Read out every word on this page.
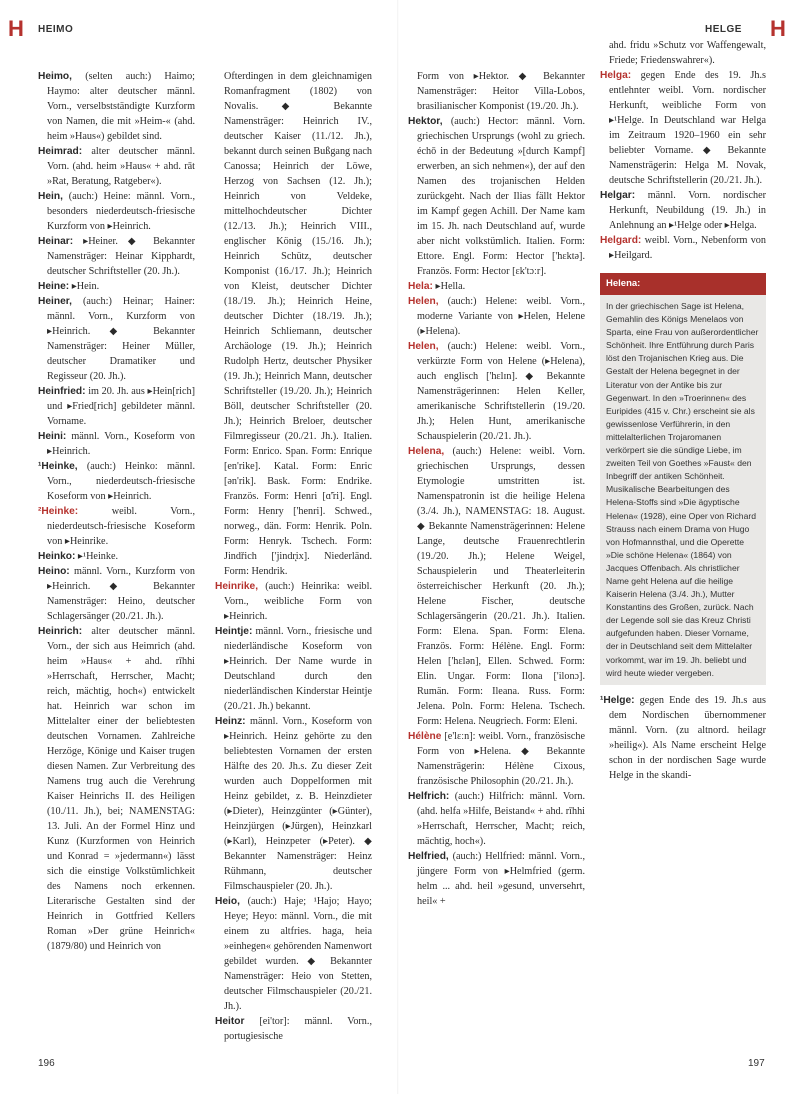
H HEIMO	HELGE H

Heimo, (selten auch:) Haimo; Haymo: alter deutscher männl. Vorn., verselbstständigte Kurzform von Namen, die mit »Heim-« (ahd. heim »Haus«) gebildet sind.

Heimrad: alter deutscher männl. Vorn. (ahd. heim »Haus« + ahd. rāt »Rat, Beratung, Ratgeber«).

Hein, (auch:) Heine: männl. Vorn., besonders niederdeutsch-friesische Kurzform von ▸Heinrich.

Heinar: ▸Heiner. ◆ Bekannter Namensträger: Heinar Kipphardt, deutscher Schriftsteller (20. Jh.).

Heine: ▸Hein.

Heiner, (auch:) Heinar; Hainer: männl. Vorn., Kurzform von ▸Heinrich. ◆ Bekannter Namensträger: Heiner Müller, deutscher Dramatiker und Regisseur (20. Jh.).

Heinfried: im 20. Jh. aus ▸Hein[rich] und ▸Fried[rich] gebildeter männl. Vorname.

Heini: männl. Vorn., Koseform von ▸Heinrich.

¹Heinke, (auch:) Heinko: männl. Vorn., niederdeutsch-friesische Koseform von ▸Heinrich.

²Heinke: weibl. Vorn., niederdeutsch-friesische Koseform von ▸Heinrike.

Heinko: ▸¹Heinke.

Heino: männl. Vorn., Kurzform von ▸Heinrich. ◆ Bekannter Namensträger: Heino, deutscher Schlagersänger (20./21. Jh.).

Heinrich: alter deutscher männl. Vorn., der sich aus Heimrich (ahd. heim »Haus« + ahd. rīhhi »Herrschaft, Herrscher, Macht; reich, mächtig, hoch«) entwickelt hat. Heinrich war schon im Mittelalter einer der beliebtesten deutschen Vornamen. Zahlreiche Herzöge, Könige und Kaiser trugen diesen Namen. Zur Verbreitung des Namens trug auch die Verehrung Kaiser Heinrichs II. des Heiligen (10./11. Jh.), bei; NAMENSTAG: 13. Juli. An der Formel Hinz und Kunz (Kurzformen von Heinrich und Konrad = »jedermann«) lässt sich die einstige Volkstümlichkeit des Namens noch erkennen. Literarische Gestalten sind der Heinrich in Gottfried Kellers Roman »Der grüne Heinrich« (1879/80) und Heinrich von

Ofterdingen in dem gleichnamigen Romanfragment (1802) von Novalis. ◆ Bekannte Namensträger: Heinrich IV., deutscher Kaiser (11./12. Jh.), bekannt durch seinen Bußgang nach Canossa; Heinrich der Löwe, Herzog von Sachsen (12. Jh.); Heinrich von Veldeke, mittelhochdeutscher Dichter (12./13. Jh.); Heinrich VIII., englischer König (15./16. Jh.); Heinrich Schütz, deutscher Komponist (16./17. Jh.); Heinrich von Kleist, deutscher Dichter (18./19. Jh.); Heinrich Heine, deutscher Dichter (18./19. Jh.); Heinrich Schliemann, deutscher Archäologe (19. Jh.); Heinrich Rudolph Hertz, deutscher Physiker (19. Jh.); Heinrich Mann, deutscher Schriftsteller (19./20. Jh.); Heinrich Böll, deutscher Schriftsteller (20. Jh.); Heinrich Breloer, deutscher Filmregisseur (20./21. Jh.). Italien. Form: Enrico. Span. Form: Enrique [en'rike]. Katal. Form: Enric [ən'rik]. Bask. Form: Endrike. Französ. Form: Henri [ɑ̃'ri]. Engl. Form: Henry ['henri]. Schwed., norweg., dän. Form: Henrik. Poln. Form: Henryk. Tschech. Form: Jindřich ['jindr̝ix]. Niederländ. Form: Hendrik.

Heinrike, (auch:) Heinrika: weibl. Vorn., weibliche Form von ▸Heinrich.

Heintje: männl. Vorn., friesische und niederländische Koseform von ▸Heinrich. Der Name wurde in Deutschland durch den niederländischen Kinderstar Heintje (20./21. Jh.) bekannt.

Heinz: männl. Vorn., Koseform von ▸Heinrich. Heinz gehörte zu den beliebtesten Vornamen der ersten Hälfte des 20. Jh.s. Zu dieser Zeit wurden auch Doppelformen mit Heinz gebildet, z. B. Heinzdieter (▸Dieter), Heinzgünter (▸Günter), Heinzjürgen (▸Jürgen), Heinzkarl (▸Karl), Heinzpeter (▸Peter). ◆ Bekannter Namensträger: Heinz Rühmann, deutscher Filmschauspieler (20. Jh.).

Heio, (auch:) Haje; ¹Hajo; Hayo; Heye; Heyo: männl. Vorn., die mit einem zu altfries. haga, heia »einhegen« gehörenden Namenwort gebildet wurden. ◆ Bekannter Namensträger: Heio von Stetten, deutscher Filmschauspieler (20./21. Jh.).

Heitor [ei'tor]: männl. Vorn., portugiesische

Form von ▸Hektor. ◆ Bekannter Namensträger: Heitor Villa-Lobos, brasilianischer Komponist (19./20. Jh.).

Hektor, (auch:) Hector: männl. Vorn. griechischen Ursprungs (wohl zu griech. échō in der Bedeutung »[durch Kampf] erwerben, an sich nehmen«), der auf den Namen des trojanischen Helden zurückgeht. Nach der Ilias fällt Hektor im Kampf gegen Achill. Der Name kam im 15. Jh. nach Deutschland auf, wurde aber nicht volkstümlich. Italien. Form: Ettore. Engl. Form: Hector ['hɛktə]. Französ. Form: Hector [ɛk'tɔːr].

Hela: ▸Hella.

Helen, (auch:) Helene: weibl. Vorn., moderne Variante von ▸Helen, Helene (▸Helena).

Helen, (auch:) Helene: weibl. Vorn., verkürzte Form von Helene (▸Helena), auch englisch ['hɛlɪn]. ◆ Bekannte Namensträgerinnen: Helen Keller, amerikanische Schriftstellerin (19./20. Jh.); Helen Hunt, amerikanische Schauspielerin (20./21. Jh.).

Helena, (auch:) Helene: weibl. Vorn. griechischen Ursprungs, dessen Etymologie umstritten ist. Namenspatronin ist die heilige Helena (3./4. Jh.), NAMENSTAG: 18. August. ◆ Bekannte Namensträgerinnen: Helene Lange, deutsche Frauenrechtlerin (19./20. Jh.); Helene Weigel, Schauspielerin und Theaterleiterin österreichischer Herkunft (20. Jh.); Helene Fischer, deutsche Schlagersängerin (20./21. Jh.). Italien. Form: Elena. Span. Form: Elena. Französ. Form: Hélène. Engl. Form: Helen ['hɛlən], Ellen. Schwed. Form: Elin. Ungar. Form: Ilona ['ilonɔ]. Rumän. Form: Ileana. Russ. Form: Jelena. Poln. Form: Helena. Tschech. Form: Helena. Neugriech. Form: Eleni.

Hélène [e'lɛːn]: weibl. Vorn., französische Form von ▸Helena. ◆ Bekannte Namensträgerin: Hélène Cixous, französische Philosophin (20./21. Jh.).

Helfrich: (auch:) Hilfrich: männl. Vorn. (ahd. helfa »Hilfe, Beistand« + ahd. rīhhi »Herrschaft, Herrscher, Macht; reich, mächtig, hoch«).

Helfried, (auch:) Hellfried: männl. Vorn., jüngere Form von ▸Helmfried (germ. helm ... ahd. heil »gesund, unversehrt, heil« +

ahd. fridu »Schutz vor Waffengewalt, Friede; Friedenswahrer«).

Helga: gegen Ende des 19. Jh.s entlehnter weibl. Vorn. nordischer Herkunft, weibliche Form von ▸¹Helge. In Deutschland war Helga im Zeitraum 1920–1960 ein sehr beliebter Vorname. ◆ Bekannte Namensträgerin: Helga M. Novak, deutsche Schriftstellerin (20./21. Jh.).

Helgar: männl. Vorn. nordischer Herkunft, Neubildung (19. Jh.) in Anlehnung an ▸¹Helge oder ▸Helga.

Helgard: weibl. Vorn., Nebenform von ▸Heilgard.

Helena:
In der griechischen Sage ist Helena, Gemahlin des Königs Menelaos von Sparta, eine Frau von außerordentlicher Schönheit. Ihre Entführung durch Paris löst den Trojanischen Krieg aus. Die Gestalt der Helena begegnet in der Literatur von der Antike bis zur Gegenwart. In den »Troerinnen« des Euripides (415 v. Chr.) erscheint sie als gewissenlose Verführerin, in den mittelalterlichen Trojaromanen verkörpert sie die sündige Liebe, im zweiten Teil von Goethes »Faust« den Inbegriff der antiken Schönheit. Musikalische Bearbeitungen des Helena-Stoffs sind »Die ägyptische Helena« (1928), eine Oper von Richard Strauss nach einem Drama von Hugo von Hofmannsthal, und die Operette »Die schöne Helena« (1864) von Jacques Offenbach. Als christlicher Name geht Helena auf die heilige Kaiserin Helena (3./4. Jh.), Mutter Konstantins des Großen, zurück. Nach der Legende soll sie das Kreuz Christi aufgefunden haben. Dieser Vorname, der in Deutschland seit dem Mittelalter vorkommt, war im 19. Jh. beliebt und wird heute wieder vergeben.

¹Helge: gegen Ende des 19. Jh.s aus dem Nordischen übernommener männl. Vorn. (zu altnord. heilagr »heilig«). Als Name erscheint Helge schon in der nordischen Sage wurde Helge in the skandi-

196	197
